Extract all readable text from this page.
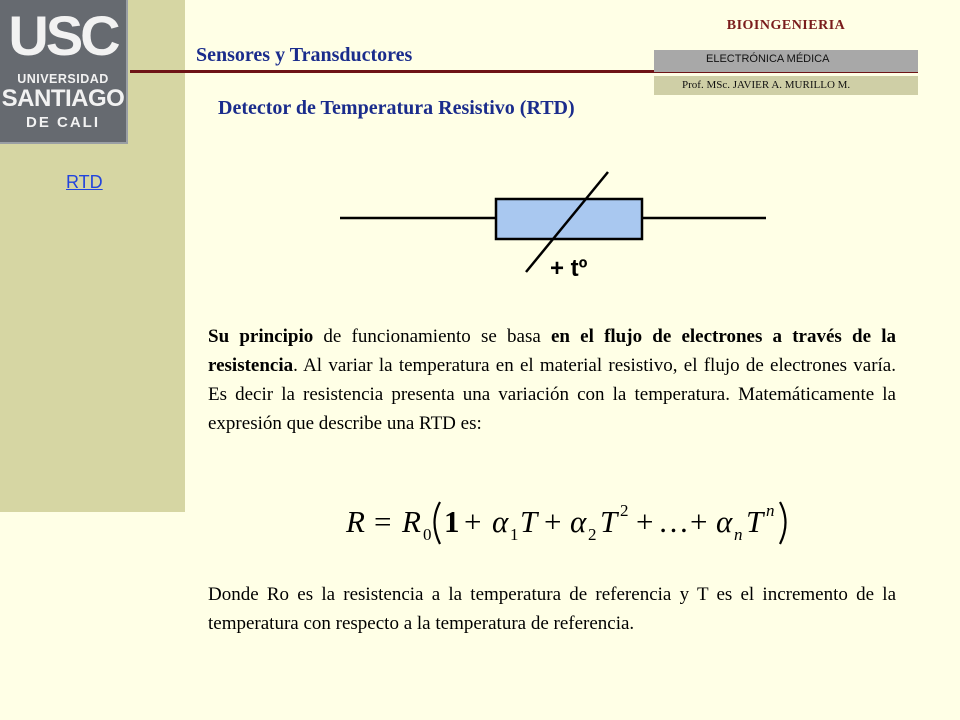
USC
UNIVERSIDAD
SANTIAGO
DE CALI
RTD
Sensores y Transductores
BIOINGENIERIA
ELECTRÓNICA MÉDICA
Prof. MSc. JAVIER A. MURILLO M.
Detector de Temperatura Resistivo (RTD)
+ tº

Su principio de funcionamiento se basa en el flujo de electrones a través de la resistencia. Al variar la temperatura en el material resistivo, el flujo de electrones varía. Es decir la resistencia presenta una variación con la temperatura. Matemáticamente la expresión que describe una RTD es:

R = R 0 1 + α 1 T + α 2 T 2 + … + α n T n

Donde Ro es la resistencia a la temperatura de referencia y T es el incremento de la temperatura con respecto a la temperatura de referencia.
